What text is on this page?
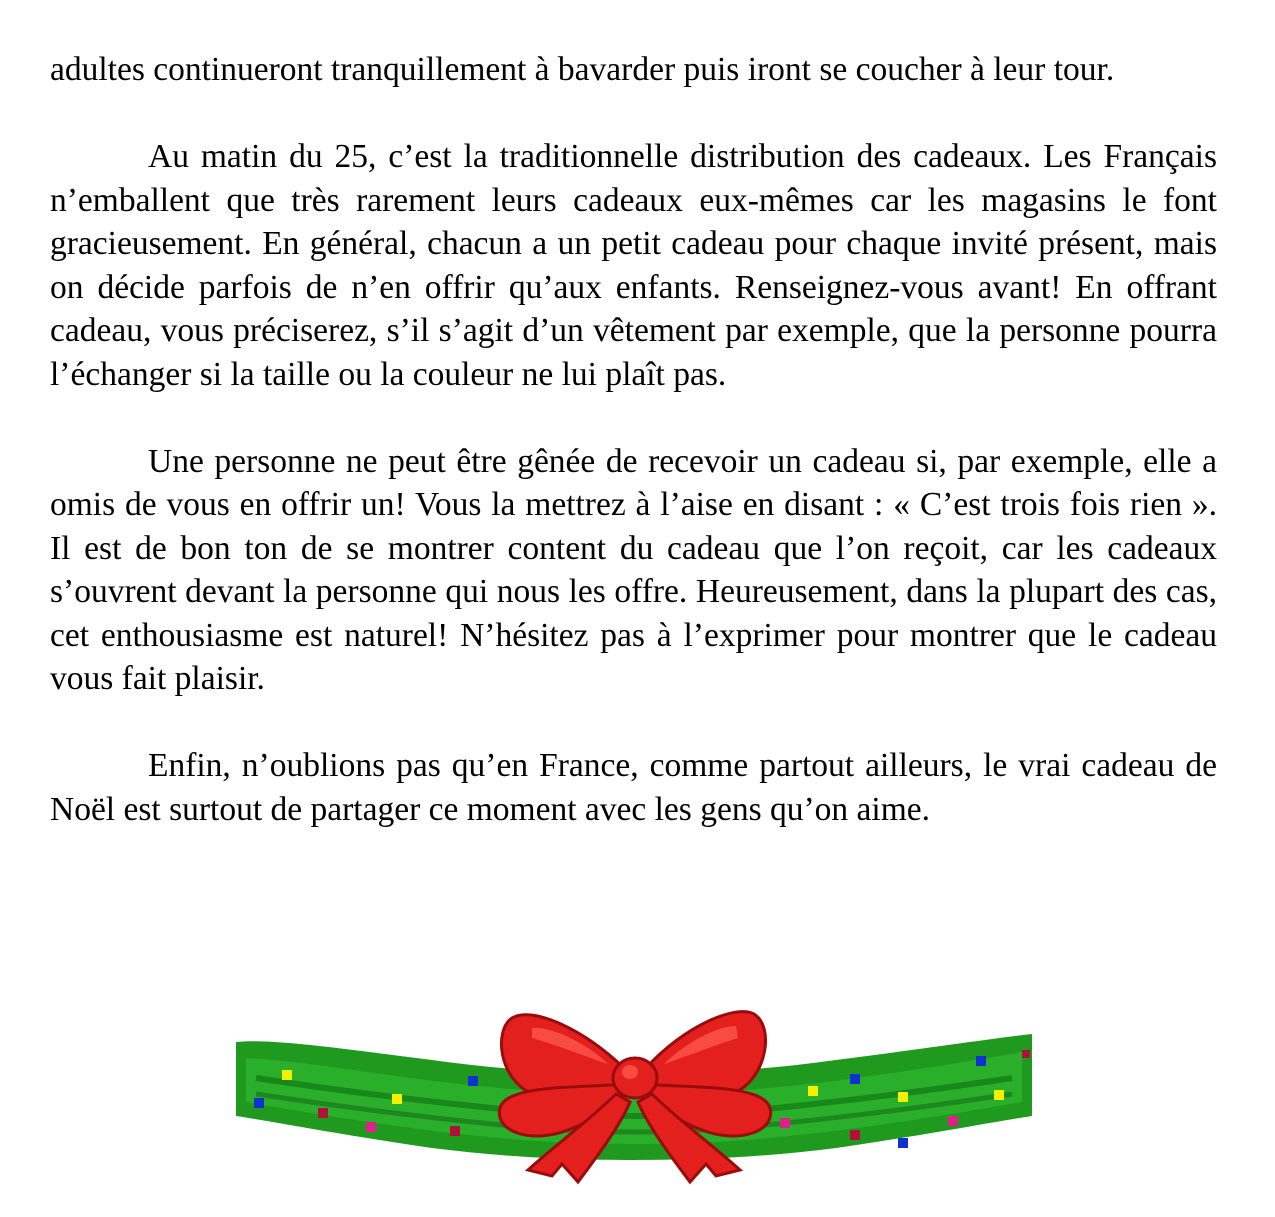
adultes continueront tranquillement à bavarder puis iront se coucher à leur tour.

Au matin du 25, c’est la traditionnelle distribution des cadeaux. Les Français n’emballent que très rarement leurs cadeaux eux-mêmes car les magasins le font gracieusement. En général, chacun a un petit cadeau pour chaque invité présent, mais on décide parfois de n’en offrir qu’aux enfants. Renseignez-vous avant! En offrant cadeau, vous préciserez, s’il s’agit d’un vêtement par exemple, que la personne pourra l’échanger si la taille ou la couleur ne lui plaît pas.

Une personne ne peut être gênée de recevoir un cadeau si, par exemple, elle a omis de vous en offrir un! Vous la mettrez à l’aise en disant : « C’est trois fois rien ». Il est de bon ton de se montrer content du cadeau que l’on reçoit, car les cadeaux s’ouvrent devant la personne qui nous les offre. Heureusement, dans la plupart des cas, cet enthousiasme est naturel! N’hésitez pas à l’exprimer pour montrer que le cadeau vous fait plaisir.

Enfin, n’oublions pas qu’en France, comme partout ailleurs, le vrai cadeau de Noël est surtout de partager ce moment avec les gens qu’on aime.
